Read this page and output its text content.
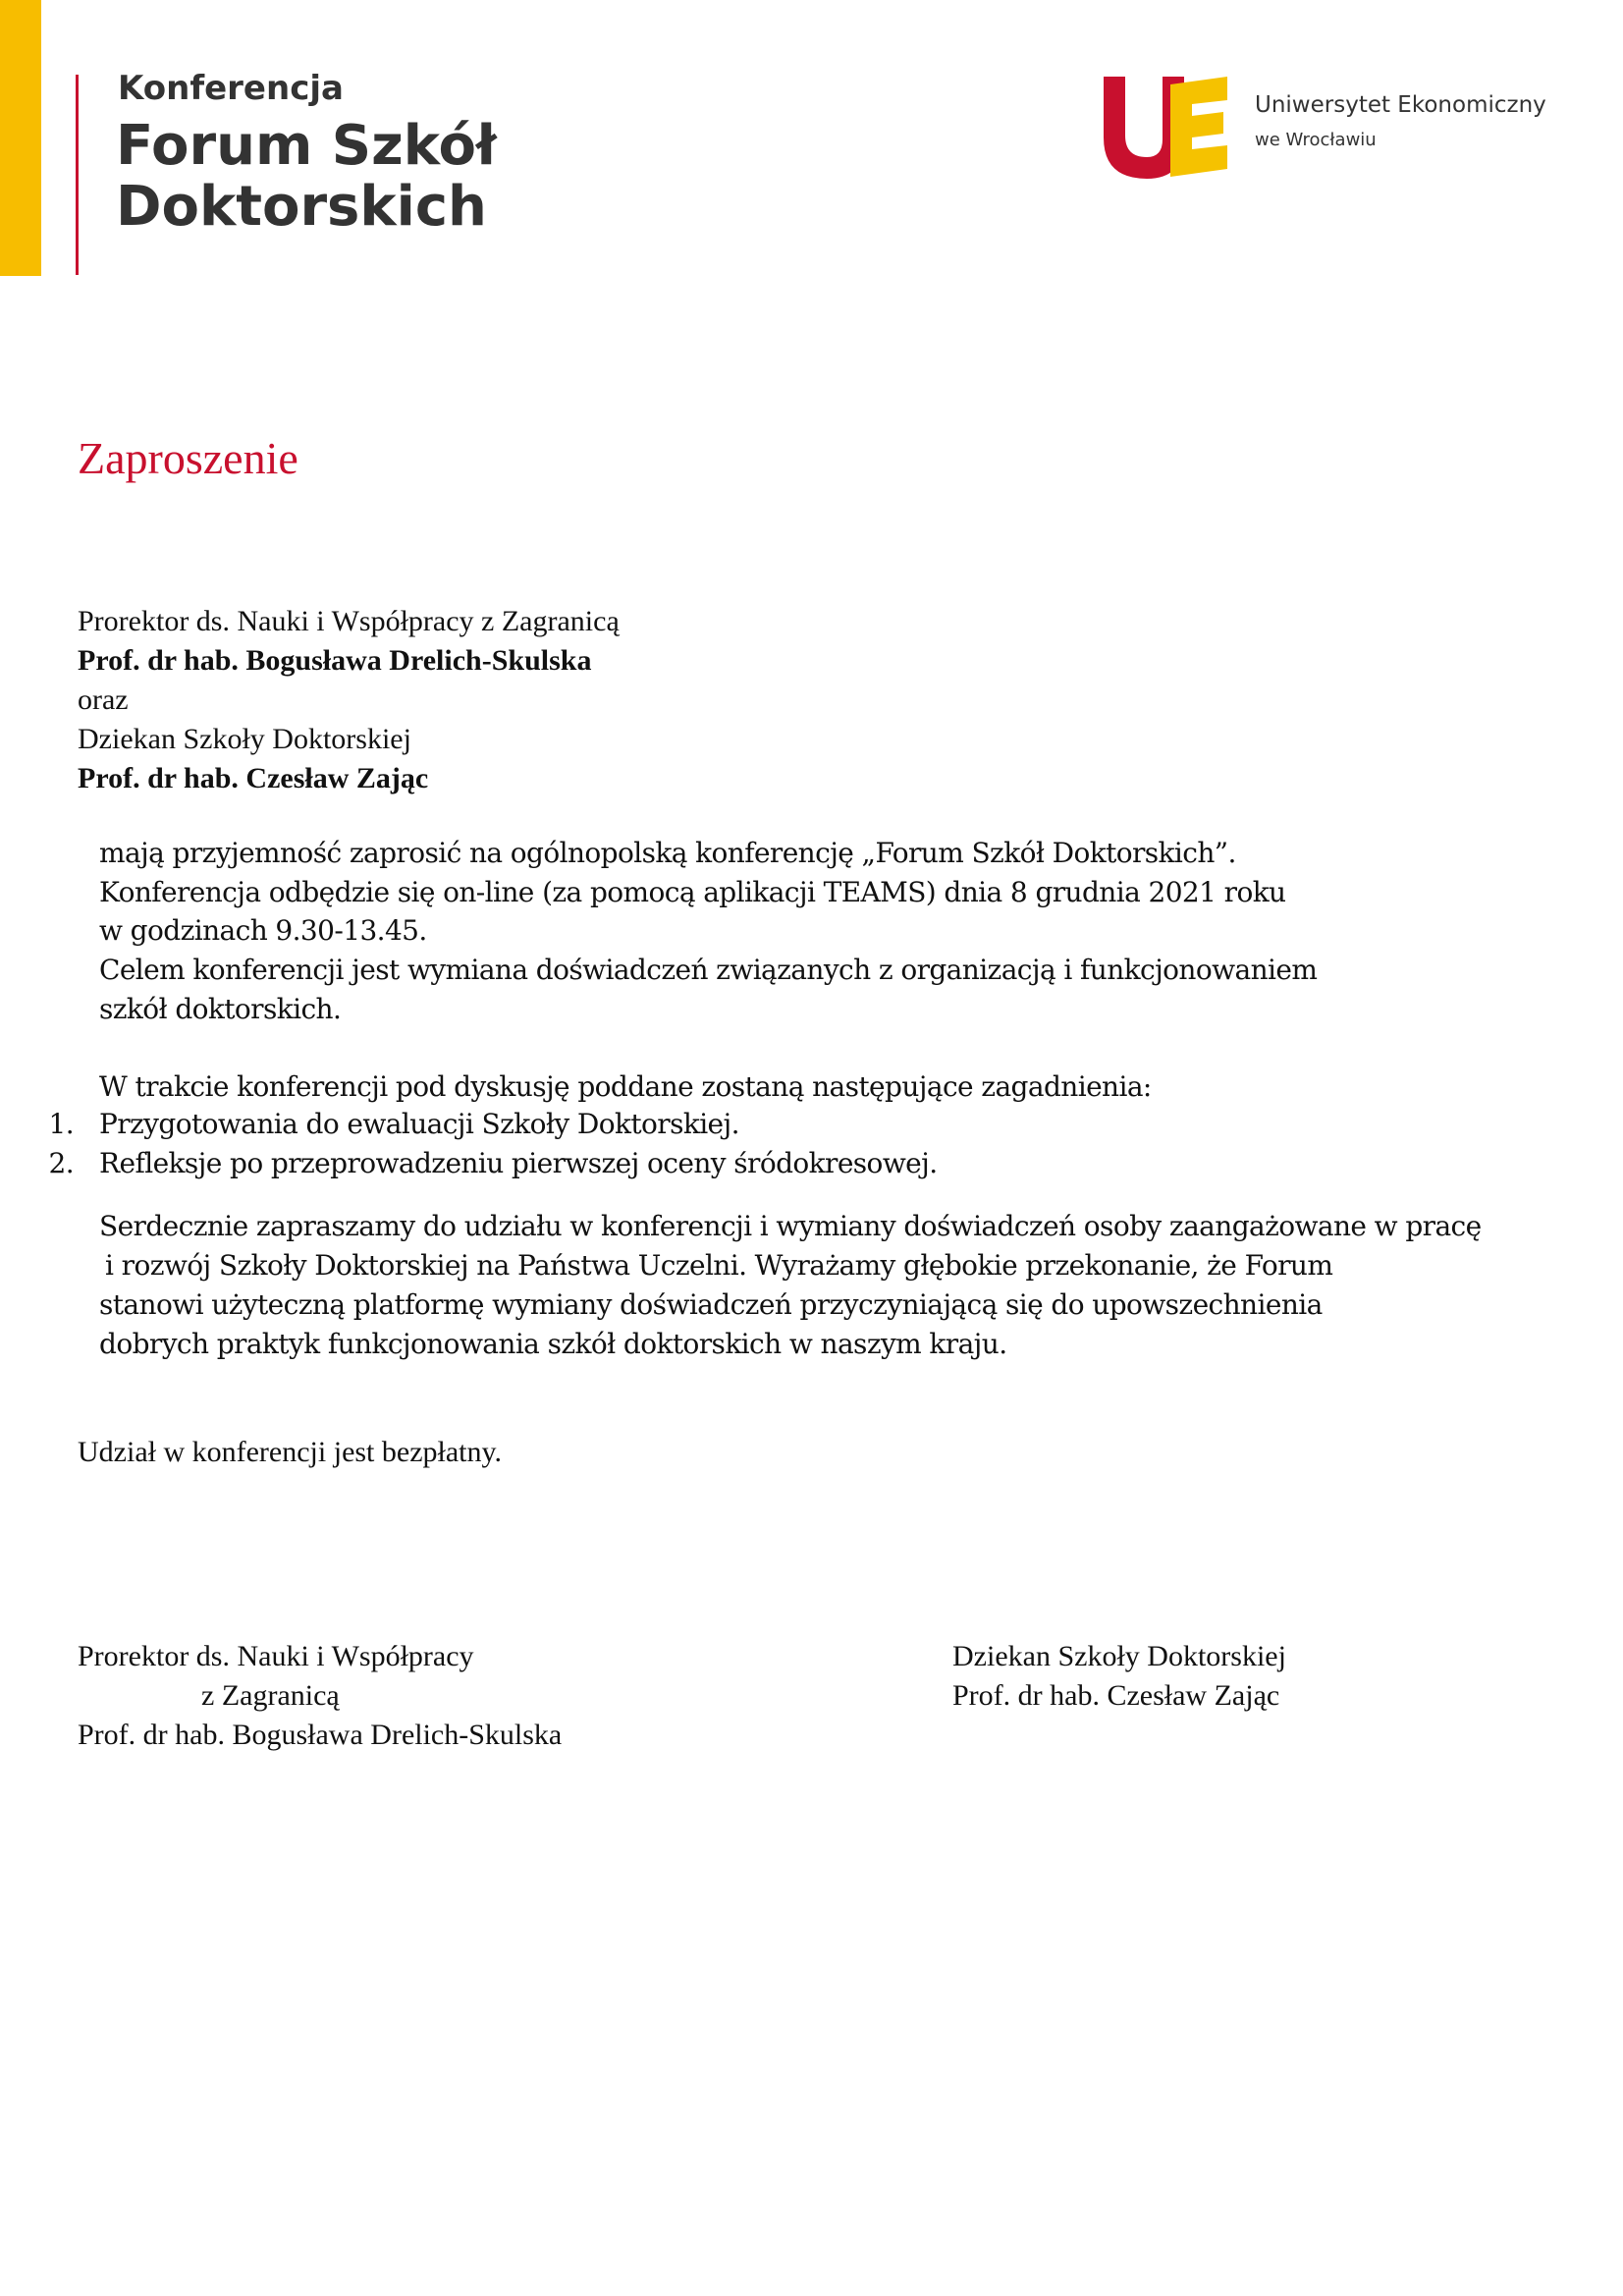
Konferencja
Forum Szkół
Doktorskich
Uniwersytet Ekonomiczny
we Wrocławiu
Zaproszenie
Prorektor ds. Nauki i Współpracy z Zagranicą
Prof. dr hab. Bogusława Drelich-Skulska
oraz
Dziekan Szkoły Doktorskiej
Prof. dr hab. Czesław Zając
mają przyjemność zaprosić na ogólnopolską konferencję „Forum Szkół Doktorskich”.
Konferencja odbędzie się on-line (za pomocą aplikacji TEAMS) dnia 8 grudnia 2021 roku
w godzinach 9.30-13.45.
Celem konferencji jest wymiana doświadczeń związanych z organizacją i funkcjonowaniem
szkół doktorskich.
W trakcie konferencji pod dyskusję poddane zostaną następujące zagadnienia:
1. Przygotowania do ewaluacji Szkoły Doktorskiej.
2. Refleksje po przeprowadzeniu pierwszej oceny śródokresowej.
Serdecznie zapraszamy do udziału w konferencji i wymiany doświadczeń osoby zaangażowane w pracę
i rozwój Szkoły Doktorskiej na Państwa Uczelni. Wyrażamy głębokie przekonanie, że Forum
stanowi użyteczną platformę wymiany doświadczeń przyczyniającą się do upowszechnienia
dobrych praktyk funkcjonowania szkół doktorskich w naszym kraju.
Udział w konferencji jest bezpłatny.
Prorektor ds. Nauki i Współpracy
z Zagranicą
Prof. dr hab. Bogusława Drelich-Skulska
Dziekan Szkoły Doktorskiej
Prof. dr hab. Czesław Zając
